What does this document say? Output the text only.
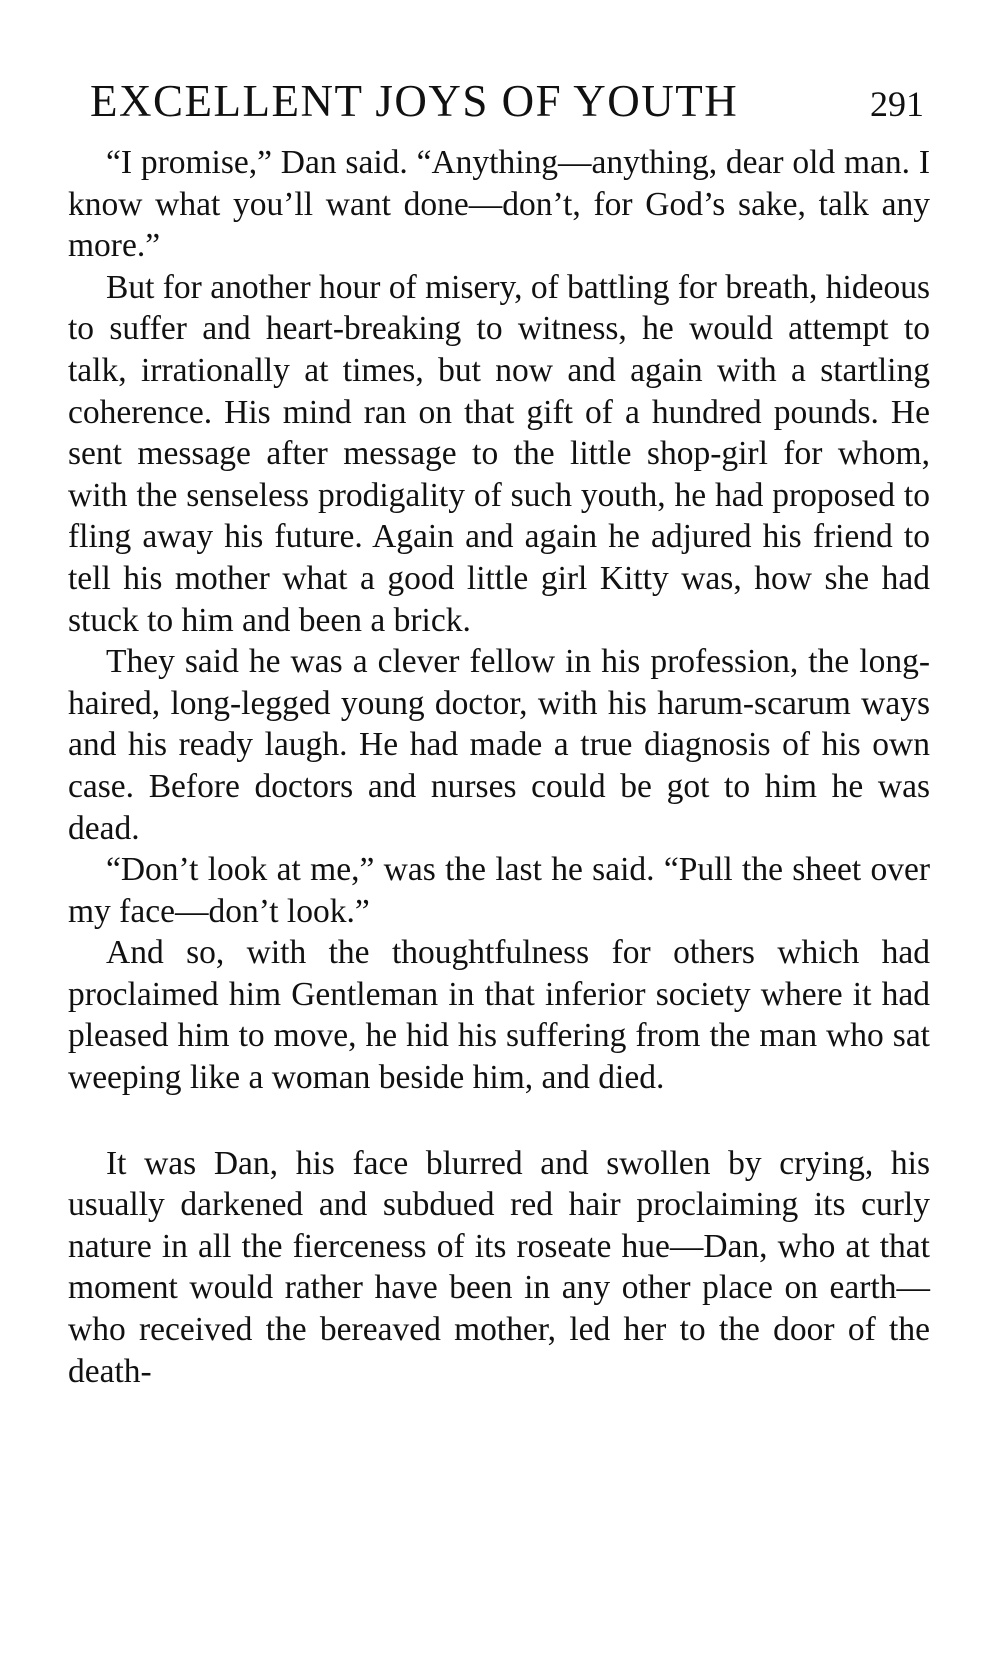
EXCELLENT JOYS OF YOUTH	291

“I promise,” Dan said. “Anything—anything, dear old man. I know what you’ll want done—don’t, for God’s sake, talk any more.”

But for another hour of misery, of battling for breath, hideous to suffer and heart-breaking to witness, he would attempt to talk, irrationally at times, but now and again with a startling coherence. His mind ran on that gift of a hundred pounds. He sent message after message to the little shop-girl for whom, with the senseless prodigality of such youth, he had proposed to fling away his future. Again and again he adjured his friend to tell his mother what a good little girl Kitty was, how she had stuck to him and been a brick.

They said he was a clever fellow in his profession, the long-haired, long-legged young doctor, with his harum-scarum ways and his ready laugh. He had made a true diagnosis of his own case. Before doctors and nurses could be got to him he was dead.

“Don’t look at me,” was the last he said. “Pull the sheet over my face—don’t look.”

And so, with the thoughtfulness for others which had proclaimed him Gentleman in that inferior society where it had pleased him to move, he hid his suffering from the man who sat weeping like a woman beside him, and died.

It was Dan, his face blurred and swollen by crying, his usually darkened and subdued red hair proclaiming its curly nature in all the fierceness of its roseate hue—Dan, who at that moment would rather have been in any other place on earth—who received the bereaved mother, led her to the door of the death-
